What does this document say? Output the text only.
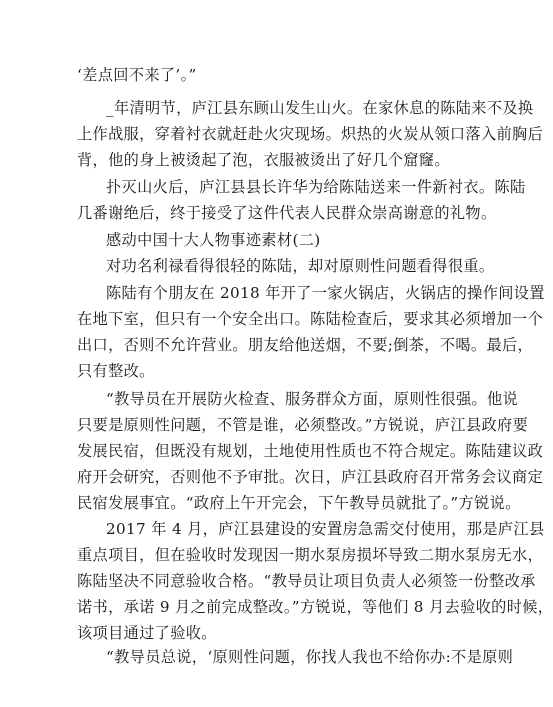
‘差点回不来了’。”
_年清明节，庐江县东顾山发生山火。在家休息的陈陆来不及换
上作战服，穿着衬衣就赶赴火灾现场。炽热的火炭从领口落入前胸后
背，他的身上被烫起了泡，衣服被烫出了好几个窟窿。
扑灭山火后，庐江县县长许华为给陈陆送来一件新衬衣。陈陆
几番谢绝后，终于接受了这件代表人民群众崇高谢意的礼物。
感动中国十大人物事迹素材(二)
对功名利禄看得很轻的陈陆，却对原则性问题看得很重。
陈陆有个朋友在 2018 年开了一家火锅店，火锅店的操作间设置
在地下室，但只有一个安全出口。陈陆检查后，要求其必须增加一个
出口，否则不允许营业。朋友给他送烟，不要;倒茶，不喝。最后，
只有整改。
“教导员在开展防火检查、服务群众方面，原则性很强。他说
只要是原则性问题，不管是谁，必须整改。”方锐说，庐江县政府要
发展民宿，但既没有规划，土地使用性质也不符合规定。陈陆建议政
府开会研究，否则他不予审批。次日，庐江县政府召开常务会议商定
民宿发展事宜。“政府上午开完会，下午教导员就批了。”方锐说。
2017 年 4 月，庐江县建设的安置房急需交付使用，那是庐江县
重点项目，但在验收时发现因一期水泵房损坏导致二期水泵房无水，
陈陆坚决不同意验收合格。“教导员让项目负责人必须签一份整改承
诺书，承诺 9 月之前完成整改。”方锐说，等他们 8 月去验收的时候，
该项目通过了验收。
“教导员总说，‘原则性问题，你找人我也不给你办:不是原则
